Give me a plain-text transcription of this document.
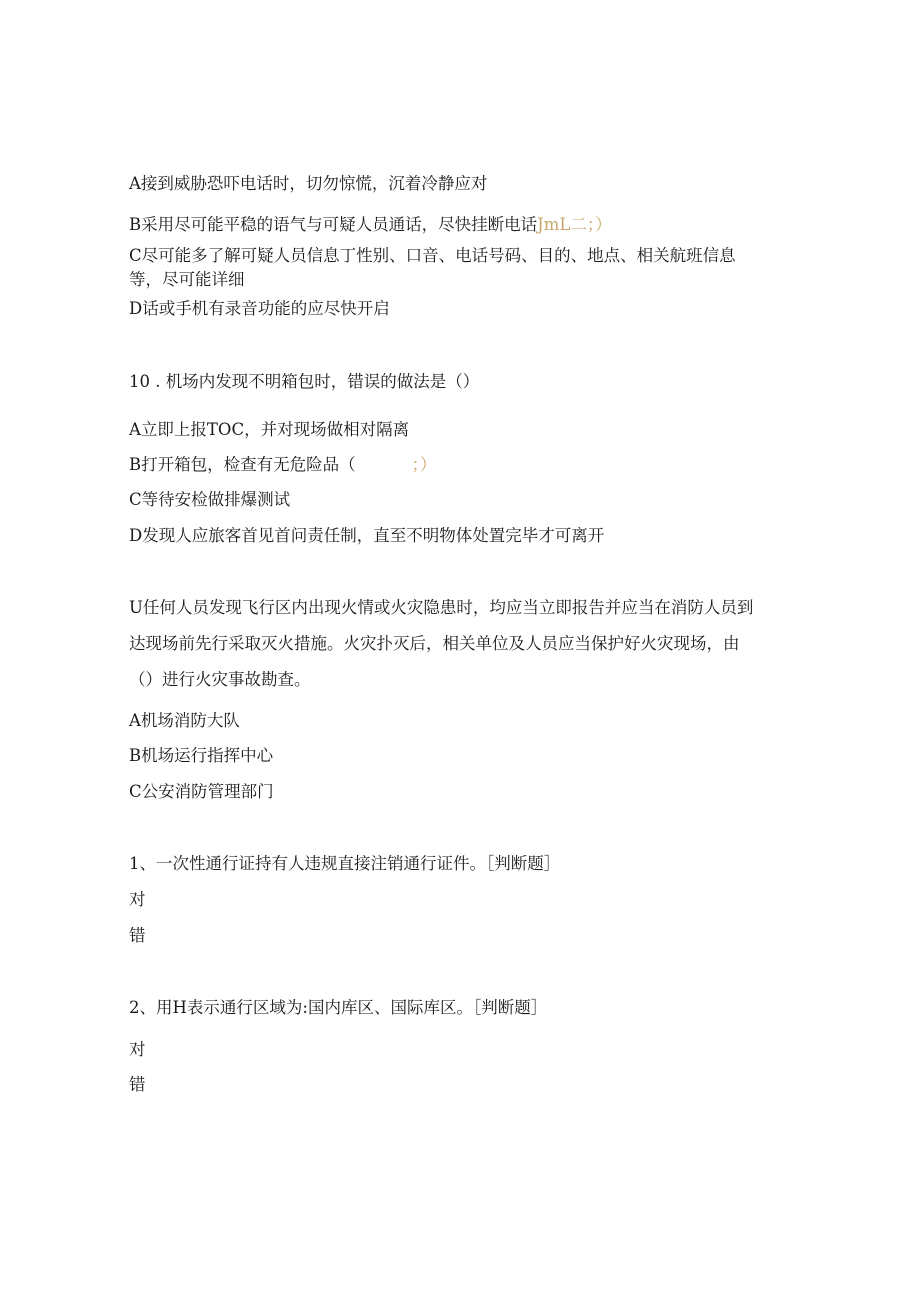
A接到威胁恐吓电话时，切勿惊慌，沉着冷静应对
B采用尽可能平稳的语气与可疑人员通话，尽快挂断电话JmL二；）
C尽可能多了解可疑人员信息丁性别、口音、电话号码、目的、地点、相关航班信息
等，尽可能详细
D话或手机有录音功能的应尽快开启
10 . 机场内发现不明箱包时，错误的做法是（）
A立即上报TOC，并对现场做相对隔离
B打开箱包，检查有无危险品（	；）
C等待安检做排爆测试
D发现人应旅客首见首问责任制，直至不明物体处置完毕才可离开
U任何人员发现飞行区内出现火情或火灾隐患时，均应当立即报告并应当在消防人员到
达现场前先行采取灭火措施。火灾扑灭后，相关单位及人员应当保护好火灾现场，由
（）进行火灾事故勘查。
A机场消防大队
B机场运行指挥中心
C公安消防管理部门
1、一次性通行证持有人违规直接注销通行证件。［判断题］
对
错
2、用H表示通行区域为:国内库区、国际库区。［判断题］
对
错
